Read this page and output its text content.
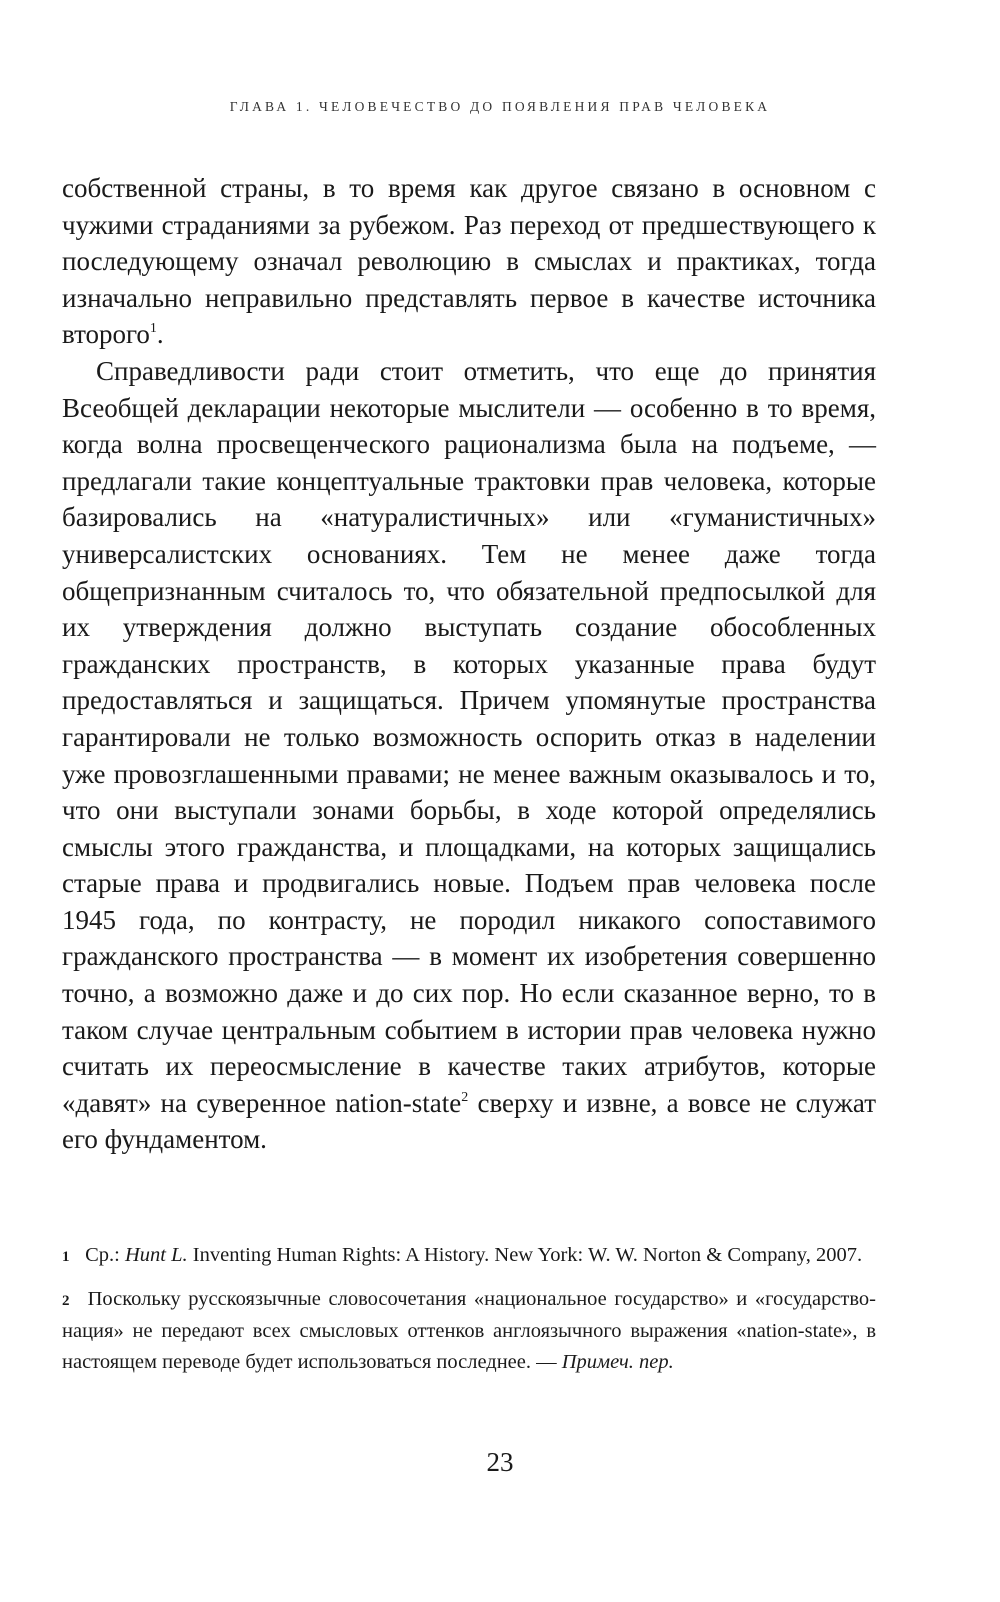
ГЛАВА 1. ЧЕЛОВЕЧЕСТВО ДО ПОЯВЛЕНИЯ ПРАВ ЧЕЛОВЕКА

собственной страны, в то время как другое связано в основном с чужими страданиями за рубежом. Раз переход от предшествующего к последующему означал революцию в смыслах и практиках, тогда изначально неправильно представлять первое в качестве источника второго$^1$.

Справедливости ради стоит отметить, что еще до принятия Всеобщей декларации некоторые мыслители — особенно в то время, когда волна просвещенческого рационализма была на подъеме, — предлагали такие концептуальные трактовки прав человека, которые базировались на «натуралистичных» или «гуманистичных» универсалистских основаниях. Тем не менее даже тогда общепризнанным считалось то, что обязательной предпосылкой для их утверждения должно выступать создание обособленных гражданских пространств, в которых указанные права будут предоставляться и защищаться. Причем упомянутые пространства гарантировали не только возможность оспорить отказ в наделении уже провозглашенными правами; не менее важным оказывалось и то, что они выступали зонами борьбы, в ходе которой определялись смыслы этого гражданства, и площадками, на которых защищались старые права и продвигались новые. Подъем прав человека после 1945 года, по контрасту, не породил никакого сопоставимого гражданского пространства — в момент их изобретения совершенно точно, а возможно даже и до сих пор. Но если сказанное верно, то в таком случае центральным событием в истории прав человека нужно считать их переосмысление в качестве таких атрибутов, которые «давят» на суверенное nation-state$^2$ сверху и извне, а вовсе не служат его фундаментом.

1 Ср.: Hunt L. Inventing Human Rights: A History. New York: W. W. Norton & Company, 2007.

2 Поскольку русскоязычные словосочетания «национальное государство» и «государство-нация» не передают всех смысловых оттенков англоязычного выражения «nation-state», в настоящем переводе будет использоваться последнее. — Примеч. пер.

23
